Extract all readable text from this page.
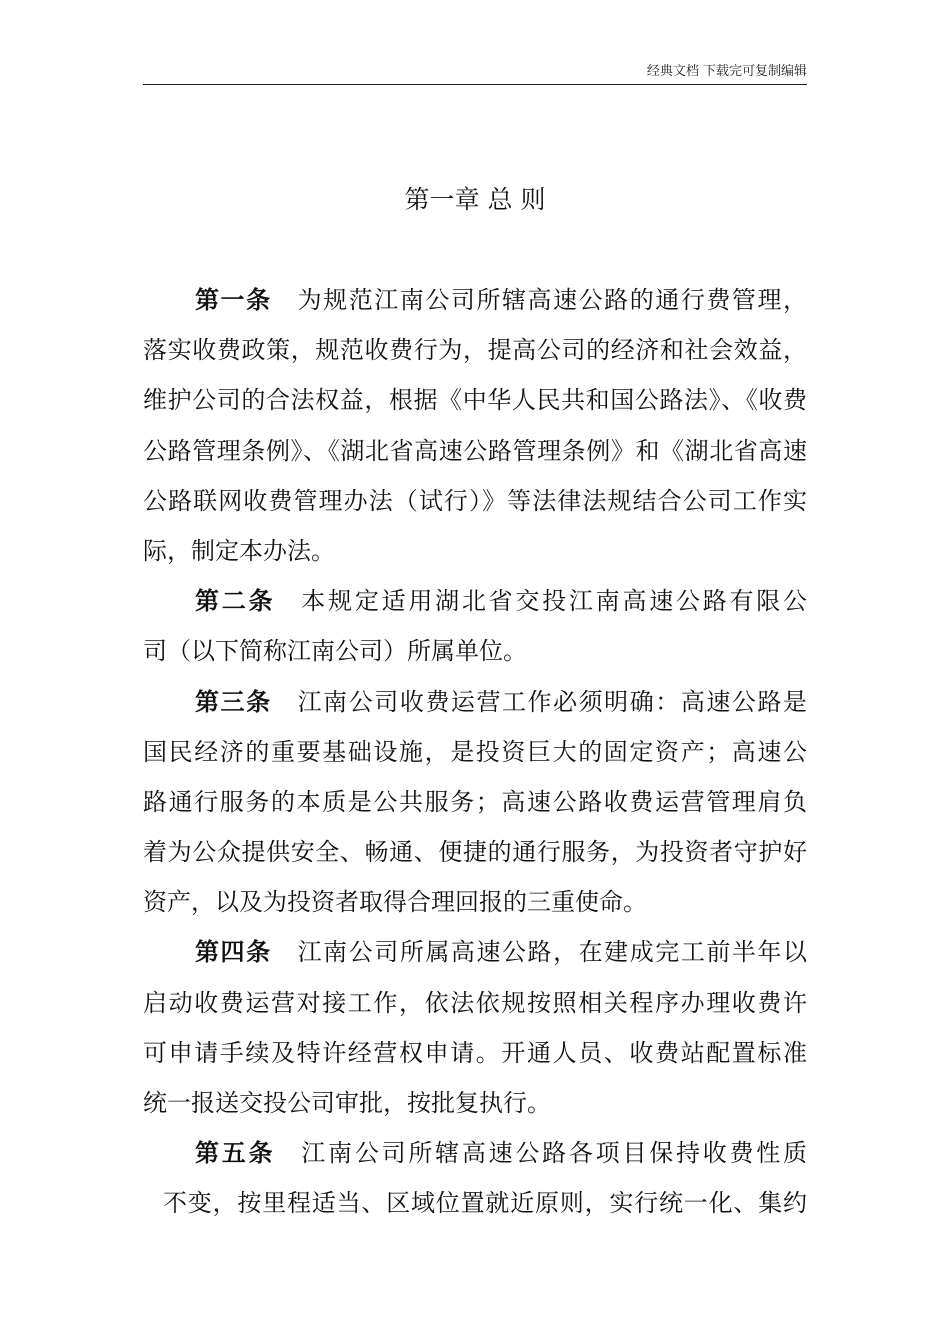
经典文档 下载完可复制编辑
第一章 总 则
第一条 为规范江南公司所辖高速公路的通行费管理，
落实收费政策，规范收费行为，提高公司的经济和社会效益，
维护公司的合法权益，根据《中华人民共和国公路法》、《收费
公路管理条例》、《湖北省高速公路管理条例》和《湖北省高速
公路联网收费管理办法（试行）》等法律法规结合公司工作实
际，制定本办法。
第二条 本规定适用湖北省交投江南高速公路有限公
司（以下简称江南公司）所属单位。
第三条 江南公司收费运营工作必须明确：高速公路是
国民经济的重要基础设施，是投资巨大的固定资产；高速公
路通行服务的本质是公共服务；高速公路收费运营管理肩负
着为公众提供安全、畅通、便捷的通行服务，为投资者守护好
资产，以及为投资者取得合理回报的三重使命。
第四条 江南公司所属高速公路，在建成完工前半年以
启动收费运营对接工作，依法依规按照相关程序办理收费许
可申请手续及特许经营权申请。开通人员、收费站配置标准
统一报送交投公司审批，按批复执行。
第五条 江南公司所辖高速公路各项目保持收费性质
不变，按里程适当、区域位置就近原则，实行统一化、集约
